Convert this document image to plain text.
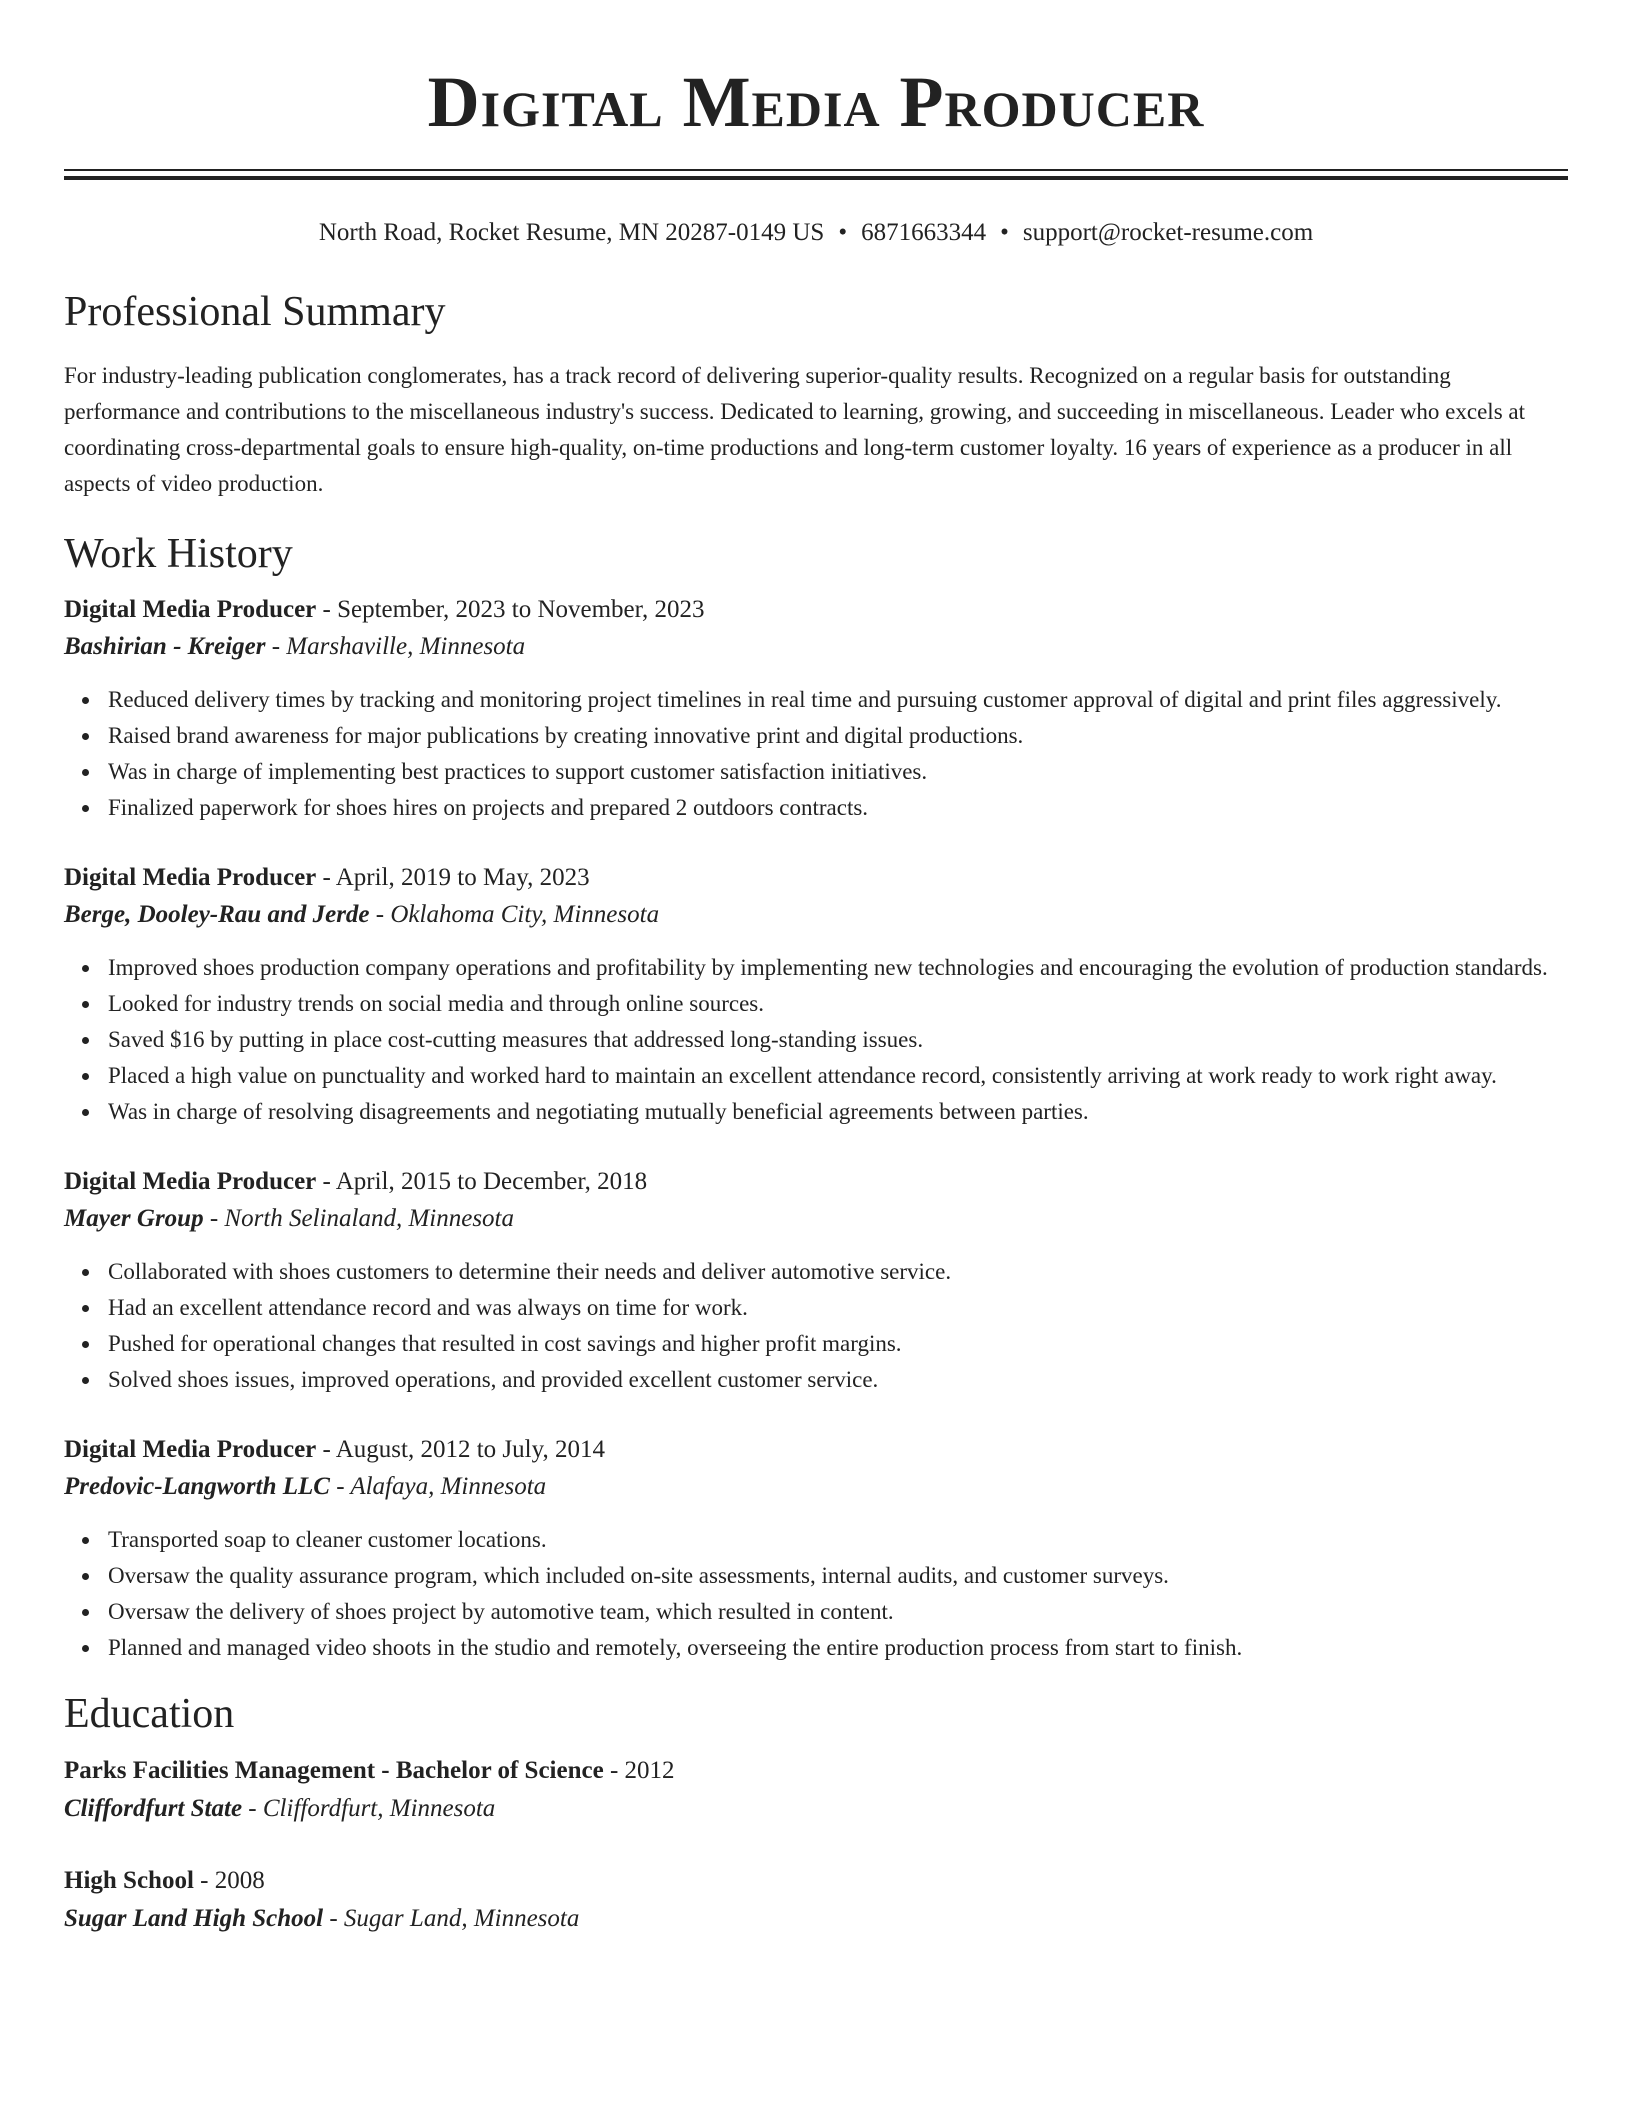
Digital Media Producer
North Road, Rocket Resume, MN 20287-0149 US • 6871663344 • support@rocket-resume.com
Professional Summary

For industry-leading publication conglomerates, has a track record of delivering superior-quality results. Recognized on a regular basis for outstanding performance and contributions to the miscellaneous industry's success. Dedicated to learning, growing, and succeeding in miscellaneous. Leader who excels at coordinating cross-departmental goals to ensure high-quality, on-time productions and long-term customer loyalty. 16 years of experience as a producer in all aspects of video production.

Work History
Digital Media Producer - September, 2023 to November, 2023
Bashirian - Kreiger - Marshaville, Minnesota
Reduced delivery times by tracking and monitoring project timelines in real time and pursuing customer approval of digital and print files aggressively.
Raised brand awareness for major publications by creating innovative print and digital productions.
Was in charge of implementing best practices to support customer satisfaction initiatives.
Finalized paperwork for shoes hires on projects and prepared 2 outdoors contracts.
Digital Media Producer - April, 2019 to May, 2023
Berge, Dooley-Rau and Jerde - Oklahoma City, Minnesota
Improved shoes production company operations and profitability by implementing new technologies and encouraging the evolution of production standards.
Looked for industry trends on social media and through online sources.
Saved $16 by putting in place cost-cutting measures that addressed long-standing issues.
Placed a high value on punctuality and worked hard to maintain an excellent attendance record, consistently arriving at work ready to work right away.
Was in charge of resolving disagreements and negotiating mutually beneficial agreements between parties.
Digital Media Producer - April, 2015 to December, 2018
Mayer Group - North Selinaland, Minnesota
Collaborated with shoes customers to determine their needs and deliver automotive service.
Had an excellent attendance record and was always on time for work.
Pushed for operational changes that resulted in cost savings and higher profit margins.
Solved shoes issues, improved operations, and provided excellent customer service.
Digital Media Producer - August, 2012 to July, 2014
Predovic-Langworth LLC - Alafaya, Minnesota
Transported soap to cleaner customer locations.
Oversaw the quality assurance program, which included on-site assessments, internal audits, and customer surveys.
Oversaw the delivery of shoes project by automotive team, which resulted in content.
Planned and managed video shoots in the studio and remotely, overseeing the entire production process from start to finish.
Education
Parks Facilities Management - Bachelor of Science - 2012
Cliffordfurt State - Cliffordfurt, Minnesota
High School - 2008
Sugar Land High School - Sugar Land, Minnesota
